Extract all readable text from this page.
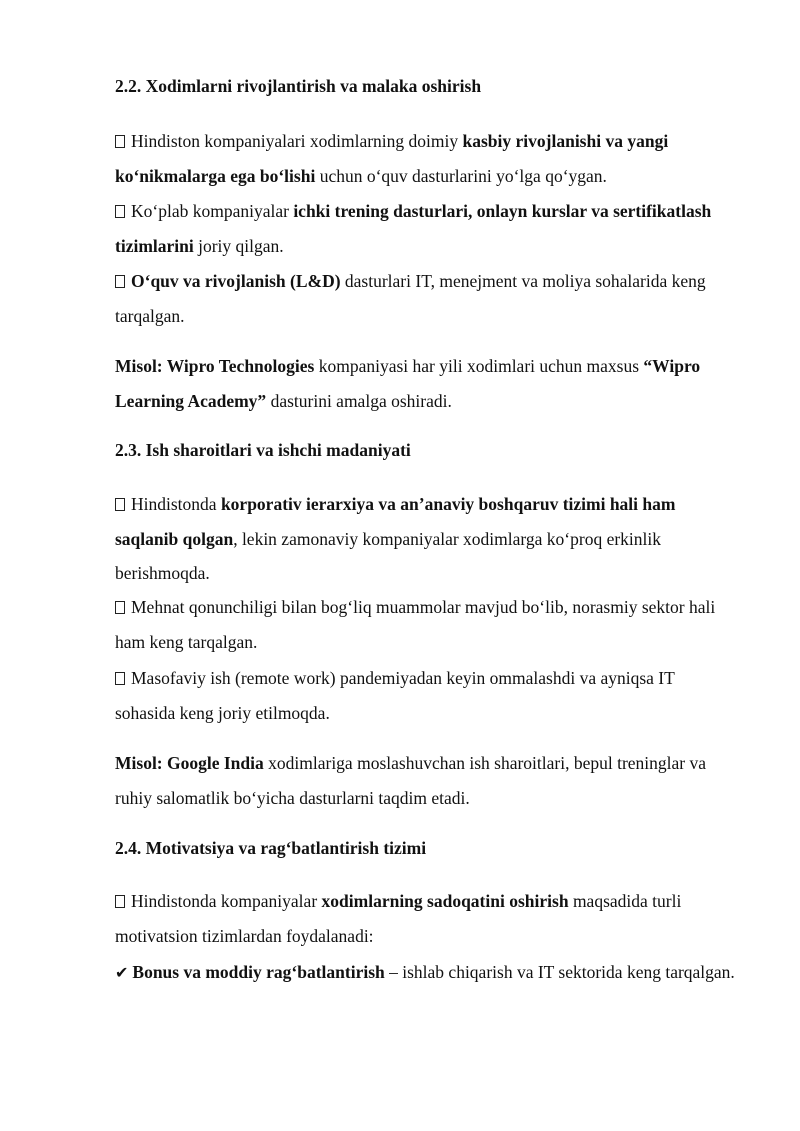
2.2. Xodimlarni rivojlantirish va malaka oshirish
Hindiston kompaniyalari xodimlarning doimiy kasbiy rivojlanishi va yangi ko‘nikmalarga ega bo‘lishi uchun o‘quv dasturlarini yo‘lga qo‘ygan.
Ko‘plab kompaniyalar ichki trening dasturlari, onlayn kurslar va sertifikatlash tizimlarini joriy qilgan.
O‘quv va rivojlanish (L&D) dasturlari IT, menejment va moliya sohalarida keng tarqalgan.
Misol: Wipro Technologies kompaniyasi har yili xodimlari uchun maxsus “Wipro Learning Academy” dasturini amalga oshiradi.
2.3. Ish sharoitlari va ishchi madaniyati
Hindistonda korporativ ierarxiya va an’anaviy boshqaruv tizimi hali ham saqlanib qolgan, lekin zamonaviy kompaniyalar xodimlarga ko‘proq erkinlik berishmoqda.
Mehnat qonunchiligi bilan bog‘liq muammolar mavjud bo‘lib, norasmiy sektor hali ham keng tarqalgan.
Masofaviy ish (remote work) pandemiyadan keyin ommalashdi va ayniqsa IT sohasida keng joriy etilmoqda.
Misol: Google India xodimlariga moslashuvchan ish sharoitlari, bepul treninglar va ruhiy salomatlik bo‘yicha dasturlarni taqdim etadi.
2.4. Motivatsiya va rag‘batlantirish tizimi
Hindistonda kompaniyalar xodimlarning sadoqatini oshirish maqsadida turli motivatsion tizimlardan foydalanadi:
✔ Bonus va moddiy rag‘batlantirish – ishlab chiqarish va IT sektorida keng tarqalgan.
